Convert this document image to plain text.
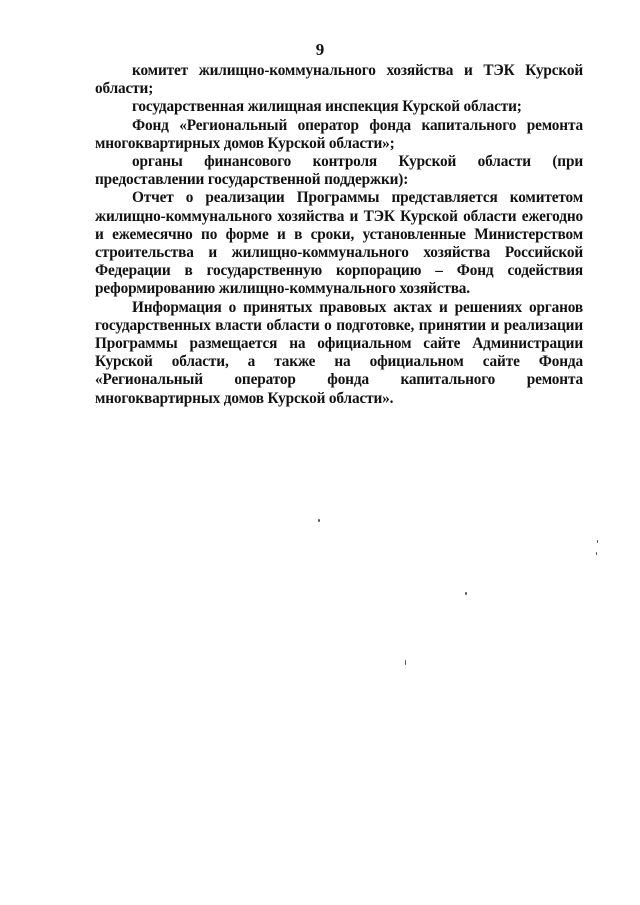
9

комитет жилищно-коммунального хозяйства и ТЭК Курской области;

государственная жилищная инспекция Курской области;

Фонд «Региональный оператор фонда капитального ремонта многоквартирных домов Курской области»;

органы финансового контроля Курской области (при предоставлении государственной поддержки):

Отчет о реализации Программы представляется комитетом жилищно-коммунального хозяйства и ТЭК Курской области ежегодно и ежемесячно по форме и в сроки, установленные Министерством строительства и жилищно-коммунального хозяйства Российской Федерации в государственную корпорацию – Фонд содействия реформированию жилищно-коммунального хозяйства.

Информация о принятых правовых актах и решениях органов государственных власти области о подготовке, принятии и реализации Программы размещается на официальном сайте Администрации Курской области, а также на официальном сайте Фонда «Региональный оператор фонда капитального ремонта многоквартирных домов Курской области».
